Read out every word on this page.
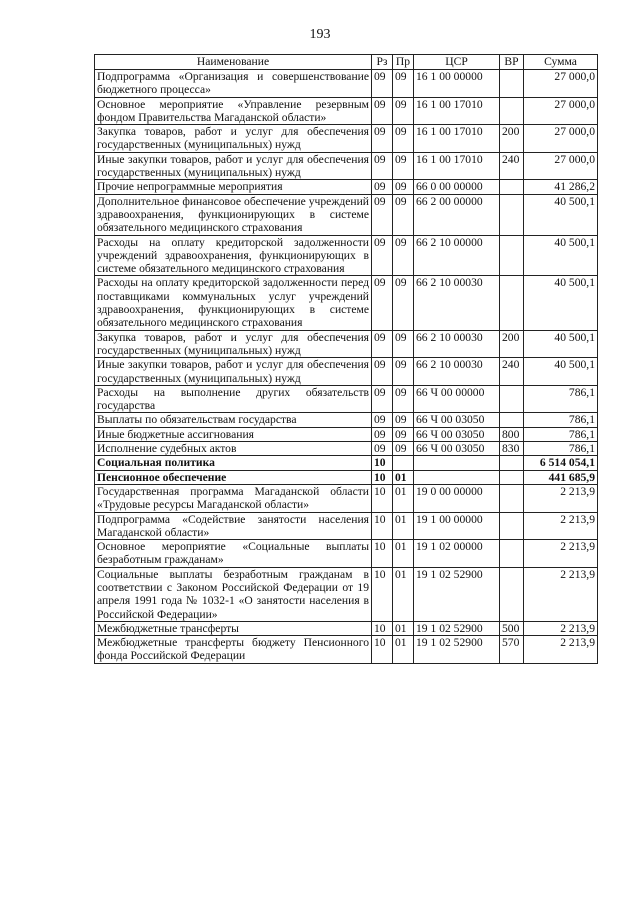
193
Наименование	Рз	Пр	ЦСР	ВР	Сумма
Подпрограмма «Организация и совершенствование бюджетного процесса»	09	09	16 1 00 00000		27 000,0
Основное мероприятие «Управление резервным фондом Правительства Магаданской области»	09	09	16 1 00 17010		27 000,0
Закупка товаров, работ и услуг для обеспечения государственных (муниципальных) нужд	09	09	16 1 00 17010	200	27 000,0
Иные закупки товаров, работ и услуг для обеспечения государственных (муниципальных) нужд	09	09	16 1 00 17010	240	27 000,0
Прочие непрограммные мероприятия	09	09	66 0 00 00000		41 286,2
Дополнительное финансовое обеспечение учреждений здравоохранения, функционирующих в системе обязательного медицинского страхования	09	09	66 2 00 00000		40 500,1
Расходы на оплату кредиторской задолженности учреждений здравоохранения, функционирующих в системе обязательного медицинского страхования	09	09	66 2 10 00000		40 500,1
Расходы на оплату кредиторской задолженности перед поставщиками коммунальных услуг учреждений здравоохранения, функционирующих в системе обязательного медицинского страхования	09	09	66 2 10 00030		40 500,1
Закупка товаров, работ и услуг для обеспечения государственных (муниципальных) нужд	09	09	66 2 10 00030	200	40 500,1
Иные закупки товаров, работ и услуг для обеспечения государственных (муниципальных) нужд	09	09	66 2 10 00030	240	40 500,1
Расходы на выполнение других обязательств государства	09	09	66 Ч 00 00000		786,1
Выплаты по обязательствам государства	09	09	66 Ч 00 03050		786,1
Иные бюджетные ассигнования	09	09	66 Ч 00 03050	800	786,1
Исполнение судебных актов	09	09	66 Ч 00 03050	830	786,1
Социальная политика	10				6 514 054,1
Пенсионное обеспечение	10	01			441 685,9
Государственная программа Магаданской области «Трудовые ресурсы Магаданской области»	10	01	19 0 00 00000		2 213,9
Подпрограмма «Содействие занятости населения Магаданской области»	10	01	19 1 00 00000		2 213,9
Основное мероприятие «Социальные выплаты безработным гражданам»	10	01	19 1 02 00000		2 213,9
Социальные выплаты безработным гражданам в соответствии с Законом Российской Федерации от 19 апреля 1991 года № 1032-1 «О занятости населения в Российской Федерации»	10	01	19 1 02 52900		2 213,9
Межбюджетные трансферты	10	01	19 1 02 52900	500	2 213,9
Межбюджетные трансферты бюджету Пенсионного фонда Российской Федерации	10	01	19 1 02 52900	570	2 213,9
